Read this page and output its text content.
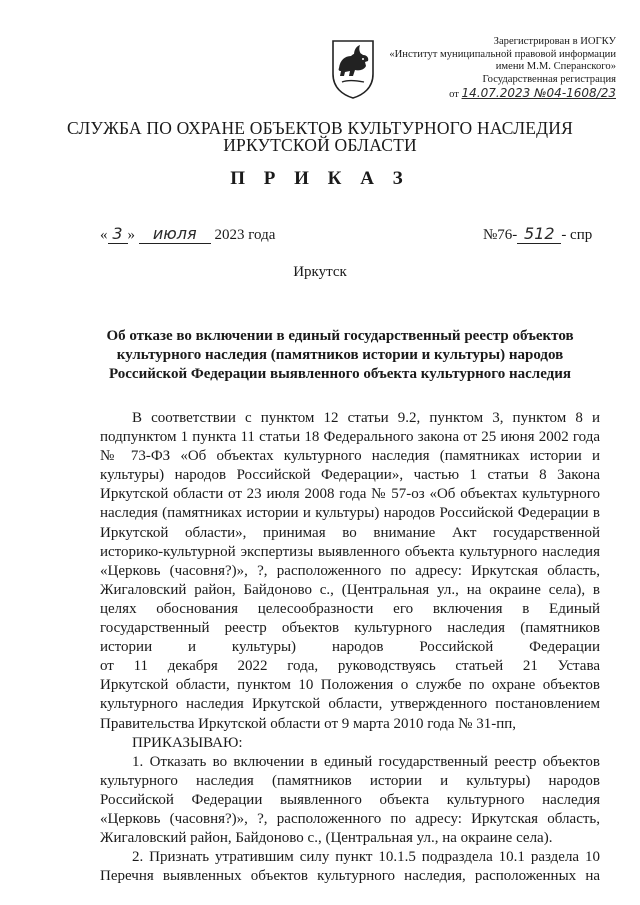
Зарегистрирован в ИОГКУ
«Институт муниципальной правовой информации
имени М.М. Сперанского»
Государственная регистрация
от 14.07.2023 №04-1608/23
СЛУЖБА ПО ОХРАНЕ ОБЪЕКТОВ КУЛЬТУРНОГО НАСЛЕДИЯ
ИРКУТСКОЙ ОБЛАСТИ
П Р И К А З
« 3 » июля 2023 года	№76- 512 - спр
Иркутск
Об отказе во включении в единый государственный реестр объектов
культурного наследия (памятников истории и культуры) народов
Российской Федерации выявленного объекта культурного наследия
В соответствии с пунктом 12 статьи 9.2, пунктом 3, пунктом 8 и
подпунктом 1 пункта 11 статьи 18 Федерального закона от 25 июня 2002 года
№ 73-ФЗ «Об объектах культурного наследия (памятниках истории и
культуры) народов Российской Федерации», частью 1 статьи 8 Закона
Иркутской области от 23 июля 2008 года № 57-оз «Об объектах культурного
наследия (памятниках истории и культуры) народов Российской Федерации в
Иркутской области», принимая во внимание Акт государственной
историко-культурной экспертизы выявленного объекта культурного наследия
«Церковь (часовня?)», ?, расположенного по адресу: Иркутская область,
Жигаловский район, Байдоново с., (Центральная ул., на окраине села), в
целях обоснования целесообразности его включения в Единый
государственный реестр объектов культурного наследия (памятников
истории и культуры) народов Российской Федерации
от 11 декабря 2022 года, руководствуясь статьей 21 Устава
Иркутской области, пунктом 10 Положения о службе по охране объектов
культурного наследия Иркутской области, утвержденного постановлением
Правительства Иркутской области от 9 марта 2010 года № 31-пп,
ПРИКАЗЫВАЮ:
1. Отказать во включении в единый государственный реестр объектов
культурного наследия (памятников истории и культуры) народов
Российской Федерации выявленного объекта культурного наследия
«Церковь (часовня?)», ?, расположенного по адресу: Иркутская область,
Жигаловский район, Байдоново с., (Центральная ул., на окраине села).
2. Признать утратившим силу пункт 10.1.5 подраздела 10.1 раздела 10
Перечня выявленных объектов культурного наследия, расположенных на
